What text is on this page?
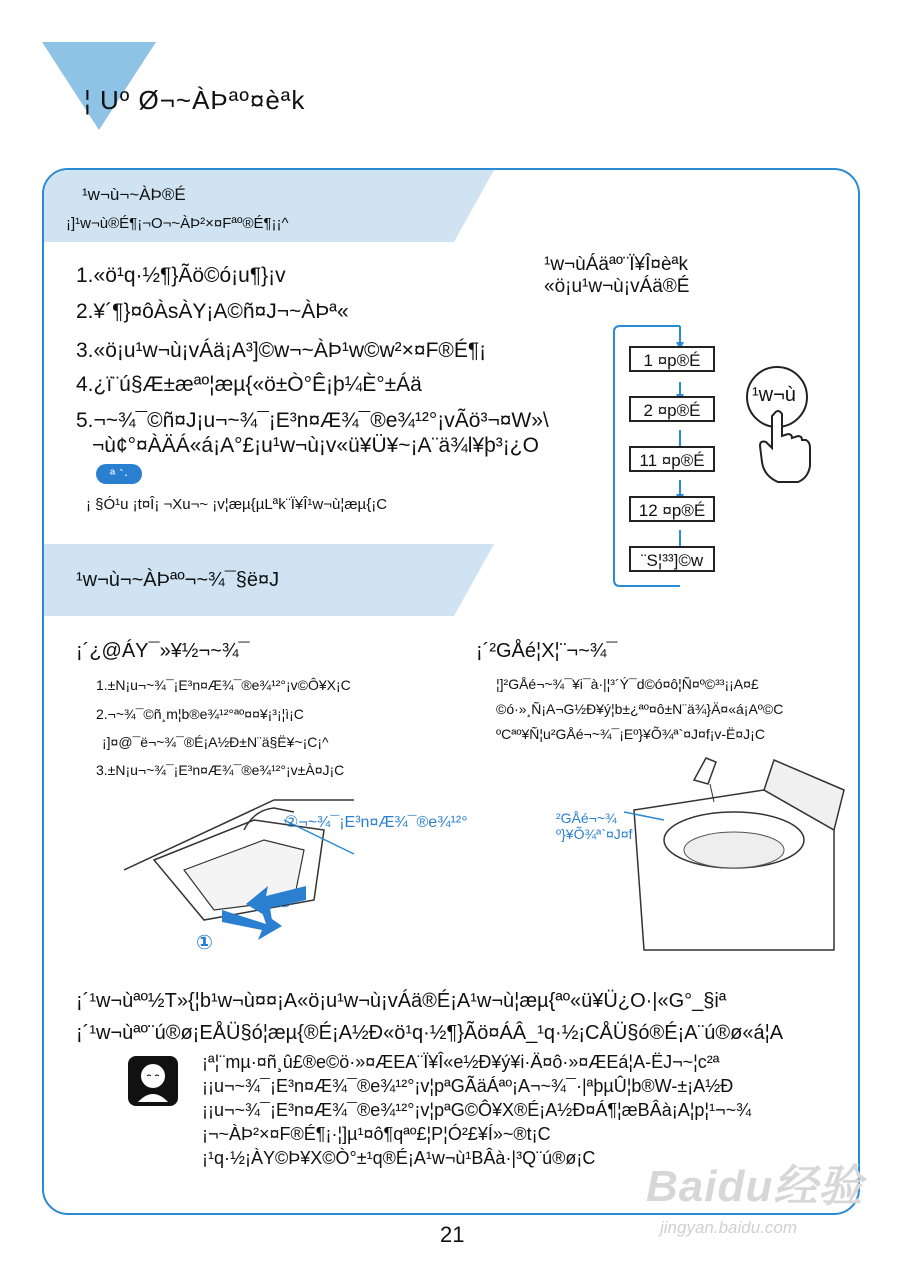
¦ Uº Ø¬~ÀÞªº¤èªk
¹w¬ù¬~ÀÞ®É
¡]¹w¬ù®É¶¡¬O¬~ÀÞ²×¤Fªº®É¶¡¡^
1.«ö¹q·½¶}Ãö©ó¡u¶}¡v
2.¥´¶}¤ôÀsÀY¡A©ñ¤J¬~ÀÞª«
3.«ö¡u¹w¬ù¡vÁä¡A³]©w¬~ÀÞ¹w©w²×¤F®É¶¡
4.¿ï¨ú§Æ±æªº¦æµ{«ö±Ò°Ê¡þ¼È°±Áä
5.¬~¾¯©ñ¤J¡u¬~¾¯¡E³n¤Æ¾¯®e¾¹²°¡vÃö³¬¤W»\
¬ù¢°¤ÀÄÁ«á¡A°£¡u¹w¬ù¡v«ü¥Ü¥~¡A¨ä¾l¥þ³¡¿O
ª `·
¡ §Ó¹u ¡t¤Î¡ ¬Xu¬~ ¡v¦æµ{µLªk¨Ï¥Î¹w¬ù¦æµ{¡C
¹w¬ùÁäªº¨Ï¥Î¤èªk
«ö¡u¹w¬ù¡vÁä®É
1 ¤p®É
2 ¤p®É
11 ¤p®É
12 ¤p®É
¨S¦³³]©w
¹w¬ù
¹w¬ù¬~ÀÞªº¬~¾¯§ë¤J
¡´¿@ÁY¯»¥½¬~¾¯
1.±N¡u¬~¾¯¡E³n¤Æ¾¯®e¾¹²°¡v©Ô¥X¡C
2.¬~¾¯©ñ¸m¦b®e¾¹²°ªº¤¤¥¡³¡¦ì¡C
¡]¤@¯ë¬~¾¯®É¡A½Ð±N¨ä§Ë¥~¡C¡^
3.±N¡u¬~¾¯¡E³n¤Æ¾¯®e¾¹²°¡v±À¤J¡C
②¬~¾¯¡E³n¤Æ¾¯®e¾¹²°
①
③
¡´²GÅé¦X¦¨¬~¾¯
¦]²GÅé¬~¾¯¥i¯à·|¦³´Ý¯d©ó¤ô¦Ñ¤º©³³¡¡A¤£
©ó·»¸Ñ¡A¬G½Ð¥ý¦b±¿ªº¤ô±N¨ä¾}Ä¤«á¡Aº©C
ºCªº¥Ñ¦u²GÅé¬~¾¯¡Eº}¥Õ¾ª`¤J¤f¡v-Ë¤J¡C
²GÅé¬~¾
º}¥Õ¾ª`¤J¤f
¡´¹w¬ùªº½T»{¦b¹w¬ù¤¤¡A«ö¡u¹w¬ù¡vÁä®É¡A¹w¬ù¦æµ{ªº«ü¥Ü¿O·|«G°_§iª
¡´¹w¬ùªº¨ú®ø¡EÅÜ§ó¦æµ{®É¡A½Ð«ö¹q·½¶}Ãö¤ÁÂ_¹q·½¡CÅÜ§ó®É¡A¨ú®ø«á¦A
¡ª¦¨mµ·¤ñ¸û£®e©ö·»¤ÆEA¨Ï¥Î«e½Ð¥ý¥i·Ä¤ô·»¤ÆEá¦A-ËJ¬~¦c²ª
¡¡u¬~¾¯¡E³n¤Æ¾¯®e¾¹²°¡v¦pªGÃäÁªº¡A¬~¾¯·|ªþµÛ¦b®W-±¡A½Ð
¡¡u¬~¾¯¡E³n¤Æ¾¯®e¾¹²°¡v¦pªG©Ô¥X®É¡A½Ð¤Á¶¦æBÂà¡A¦p¦¹¬~¾
¡¬~ÀÞ²×¤F®É¶¡·¦]µ¹¤ô¶qªº£¦P¦Ó²£¥Í»~®t¡C
¡¹q·½¡ÀY©Þ¥X©Ò°±¹q®É¡A¹w¬ù¹BÂà·|³Q¨ú®ø¡C
21
Baidu经验
jingyan.baidu.com
